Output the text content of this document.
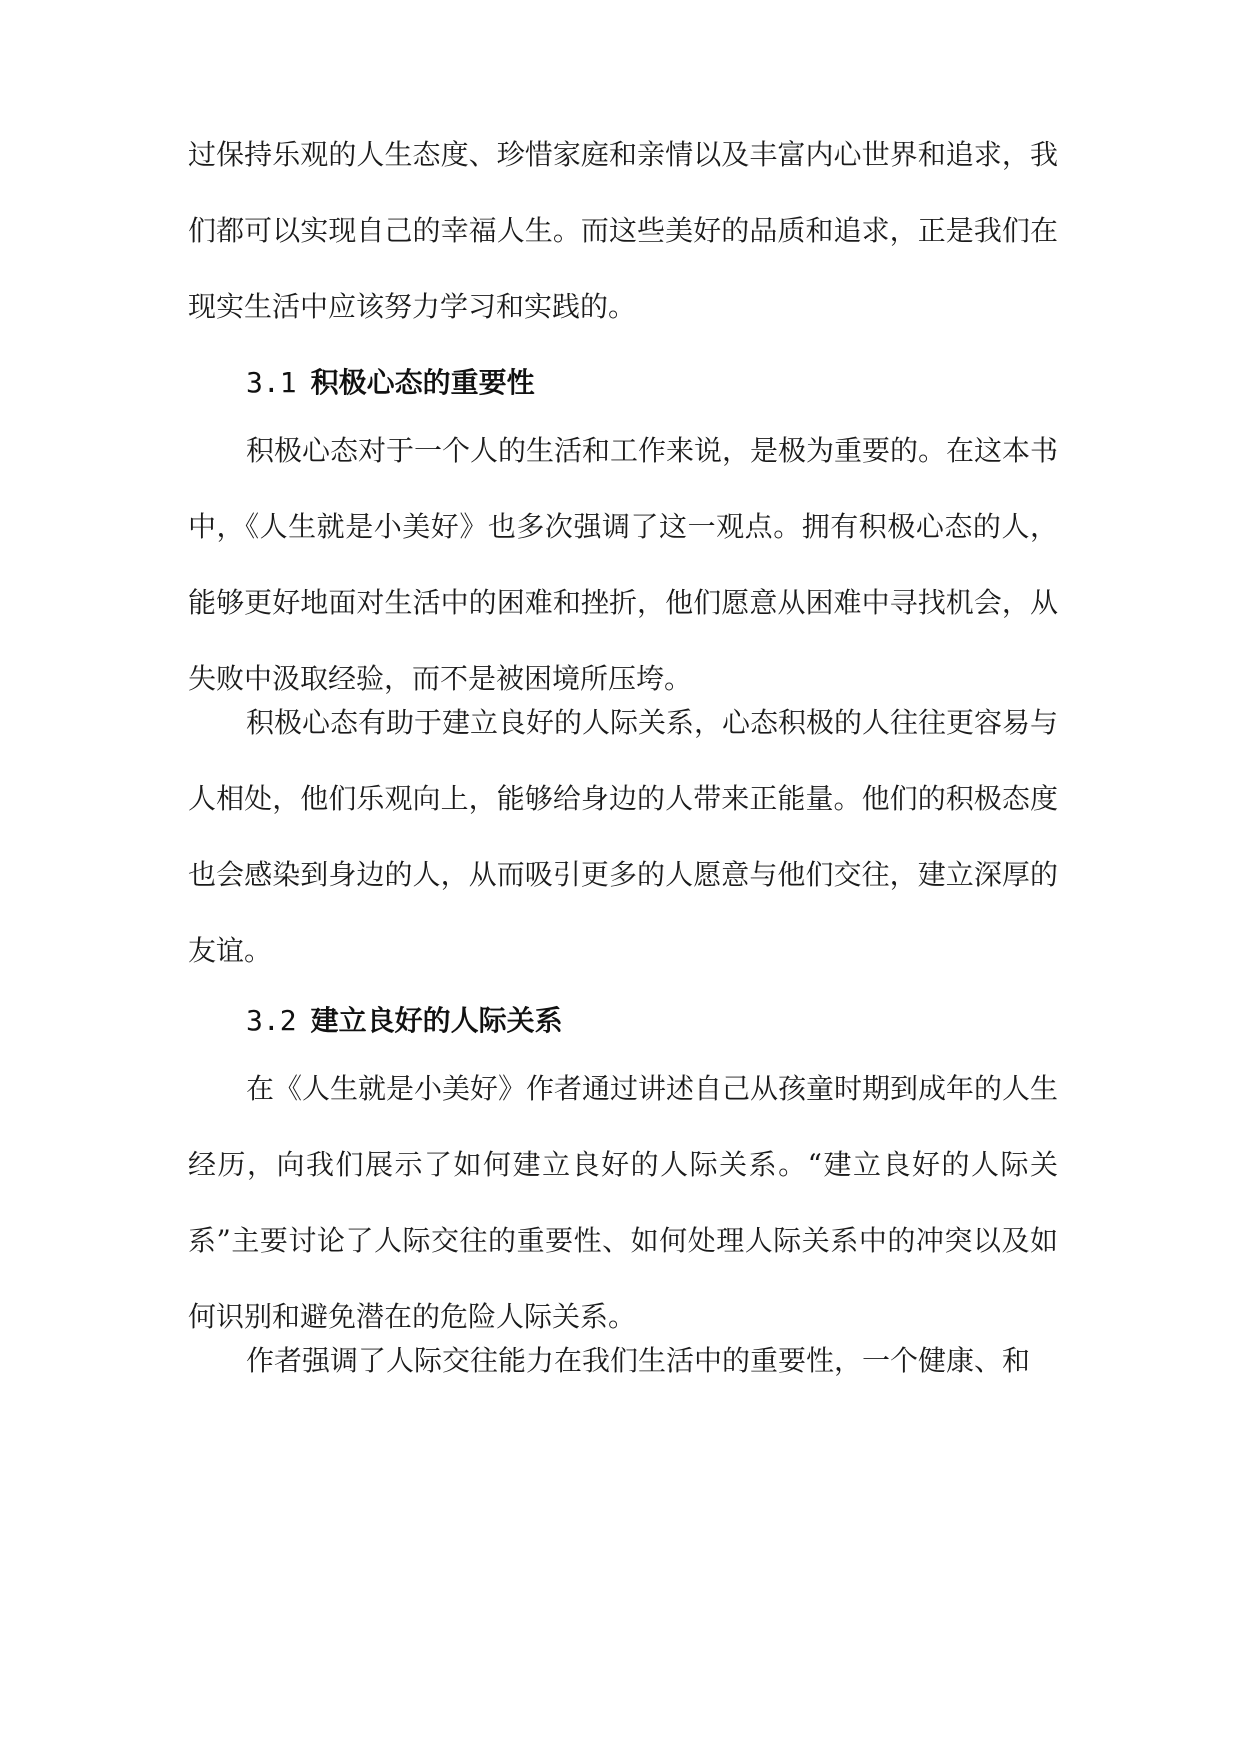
过保持乐观的人生态度、珍惜家庭和亲情以及丰富内心世界和追求，我们都可以实现自己的幸福人生。而这些美好的品质和追求，正是我们在现实生活中应该努力学习和实践的。

3.1 积极心态的重要性

积极心态对于一个人的生活和工作来说，是极为重要的。在这本书中，《人生就是小美好》也多次强调了这一观点。拥有积极心态的人，能够更好地面对生活中的困难和挫折，他们愿意从困难中寻找机会，从失败中汲取经验，而不是被困境所压垮。

积极心态有助于建立良好的人际关系，心态积极的人往往更容易与人相处，他们乐观向上，能够给身边的人带来正能量。他们的积极态度也会感染到身边的人，从而吸引更多的人愿意与他们交往，建立深厚的友谊。

3.2 建立良好的人际关系

在《人生就是小美好》作者通过讲述自己从孩童时期到成年的人生经历，向我们展示了如何建立良好的人际关系。“建立良好的人际关系”主要讨论了人际交往的重要性、如何处理人际关系中的冲突以及如何识别和避免潜在的危险人际关系。

作者强调了人际交往能力在我们生活中的重要性，一个健康、和
